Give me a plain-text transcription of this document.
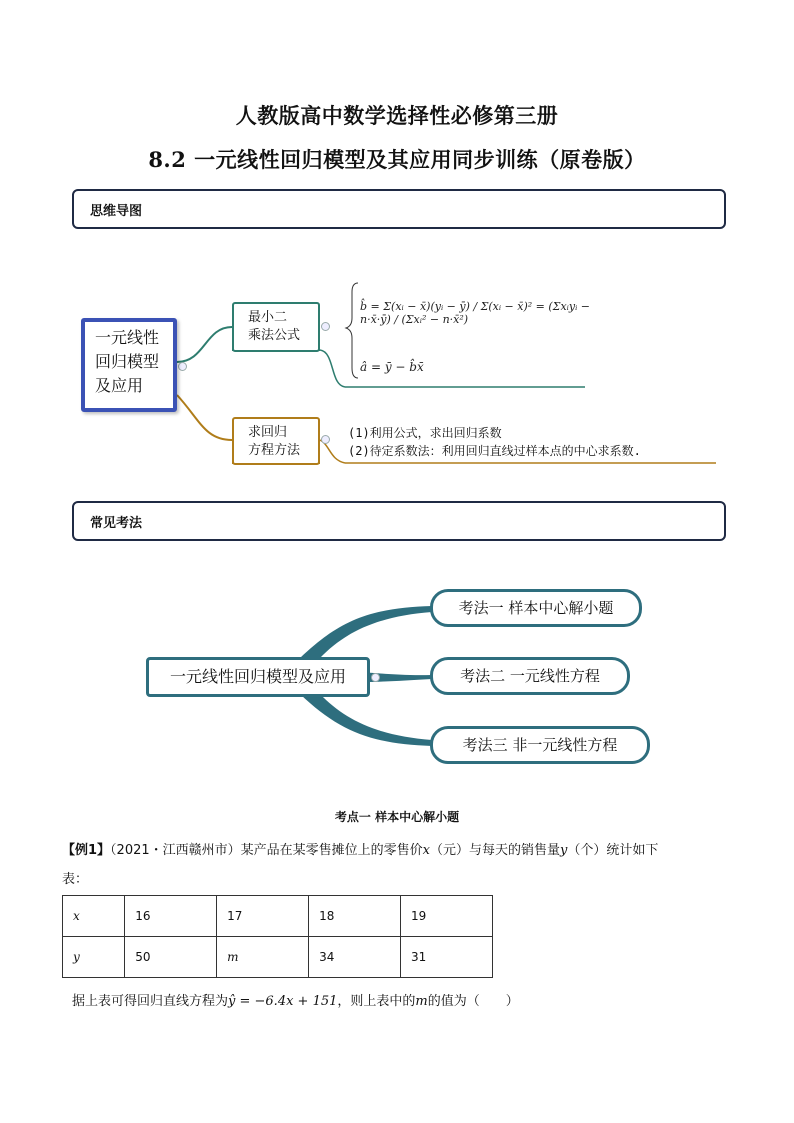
人教版高中数学选择性必修第三册
8.2 一元线性回归模型及其应用同步训练（原卷版）
思维导图
一元线性
回归模型
及应用
最小二
乘法公式
求回归
方程方法
b̂ = Σ(xᵢ − x̄)(yᵢ − ȳ) / Σ(xᵢ − x̄)² = (Σxᵢyᵢ − n·x̄·ȳ) / (Σxᵢ² − n·x̄²)
â = ȳ − b̂x̄
(1)利用公式，求出回归系数
(2)待定系数法：利用回归直线过样本点的中心求系数.
常见考法
一元线性回归模型及应用
考法一 样本中心解小题
考法二 一元线性方程
考法三 非一元线性方程
考点一 样本中心解小题
【例1】（2021・江西赣州市）某产品在某零售摊位上的零售价x（元）与每天的销售量y（个）统计如下
表：
x	16	17	18	19
y	50	m	34	31
据上表可得回归直线方程为ŷ = −6.4x + 151，则上表中的m的值为（　　）
